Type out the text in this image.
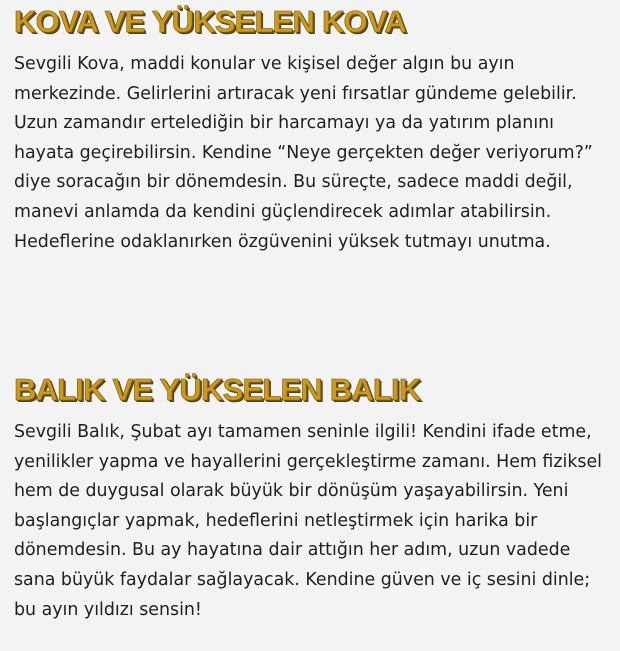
KOVA VE YÜKSELEN KOVA

Sevgili Kova, maddi konular ve kişisel değer algın bu ayın merkezinde. Gelirlerini artıracak yeni fırsatlar gündeme gelebilir. Uzun zamandır ertelediğin bir harcamayı ya da yatırım planını hayata geçirebilirsin. Kendine “Neye gerçekten değer veriyorum?” diye soracağın bir dönemdesin. Bu süreçte, sadece maddi değil, manevi anlamda da kendini güçlendirecek adımlar atabilirsin. Hedeflerine odaklanırken özgüvenini yüksek tutmayı unutma.

BALIK VE YÜKSELEN BALIK

Sevgili Balık, Şubat ayı tamamen seninle ilgili! Kendini ifade etme, yenilikler yapma ve hayallerini gerçekleştirme zamanı. Hem fiziksel hem de duygusal olarak büyük bir dönüşüm yaşayabilirsin. Yeni başlangıçlar yapmak, hedeflerini netleştirmek için harika bir dönemdesin. Bu ay hayatına dair attığın her adım, uzun vadede sana büyük faydalar sağlayacak. Kendine güven ve iç sesini dinle; bu ayın yıldızı sensin!
